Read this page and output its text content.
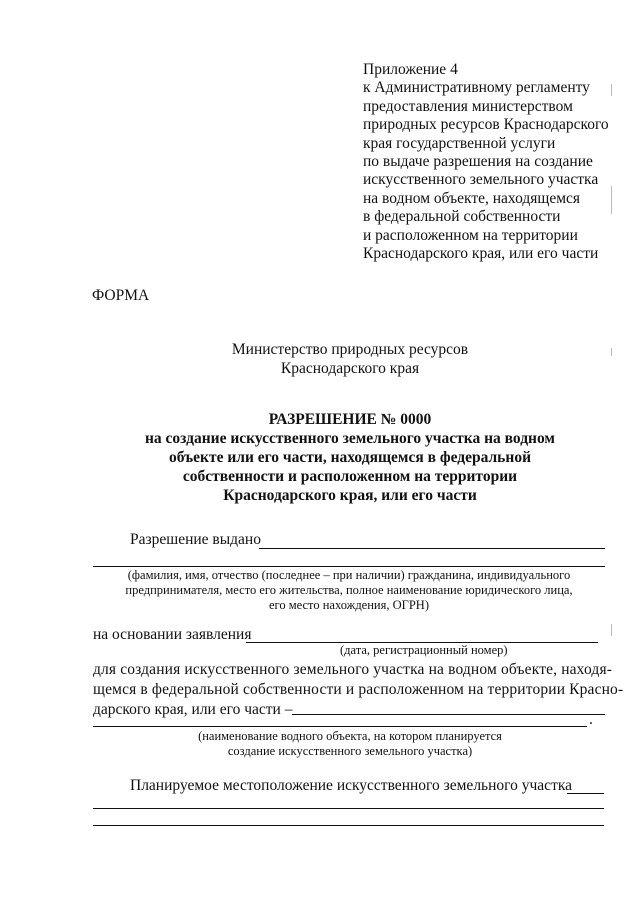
Приложение 4
к Административному регламенту
предоставления министерством
природных ресурсов Краснодарского
края государственной услуги
по выдаче разрешения на создание
искусственного земельного участка
на водном объекте, находящемся
в федеральной собственности
и расположенном на территории
Краснодарского края, или его части
ФОРМА
Министерство природных ресурсов
Краснодарского края
РАЗРЕШЕНИЕ № 0000
на создание искусственного земельного участка на водном
объекте или его части, находящемся в федеральной
собственности и расположенном на территории
Краснодарского края, или его части
Разрешение выдано
(фамилия, имя, отчество (последнее – при наличии) гражданина, индивидуального
предпринимателя, место его жительства, полное наименование юридического лица,
его место нахождения, ОГРН)
на основании заявления
(дата, регистрационный номер)
для создания искусственного земельного участка на водном объекте, находя-
щемся в федеральной собственности и расположенном на территории Красно-
дарского края, или его части –
.
(наименование водного объекта, на котором планируется
создание искусственного земельного участка)
Планируемое местоположение искусственного земельного участка
